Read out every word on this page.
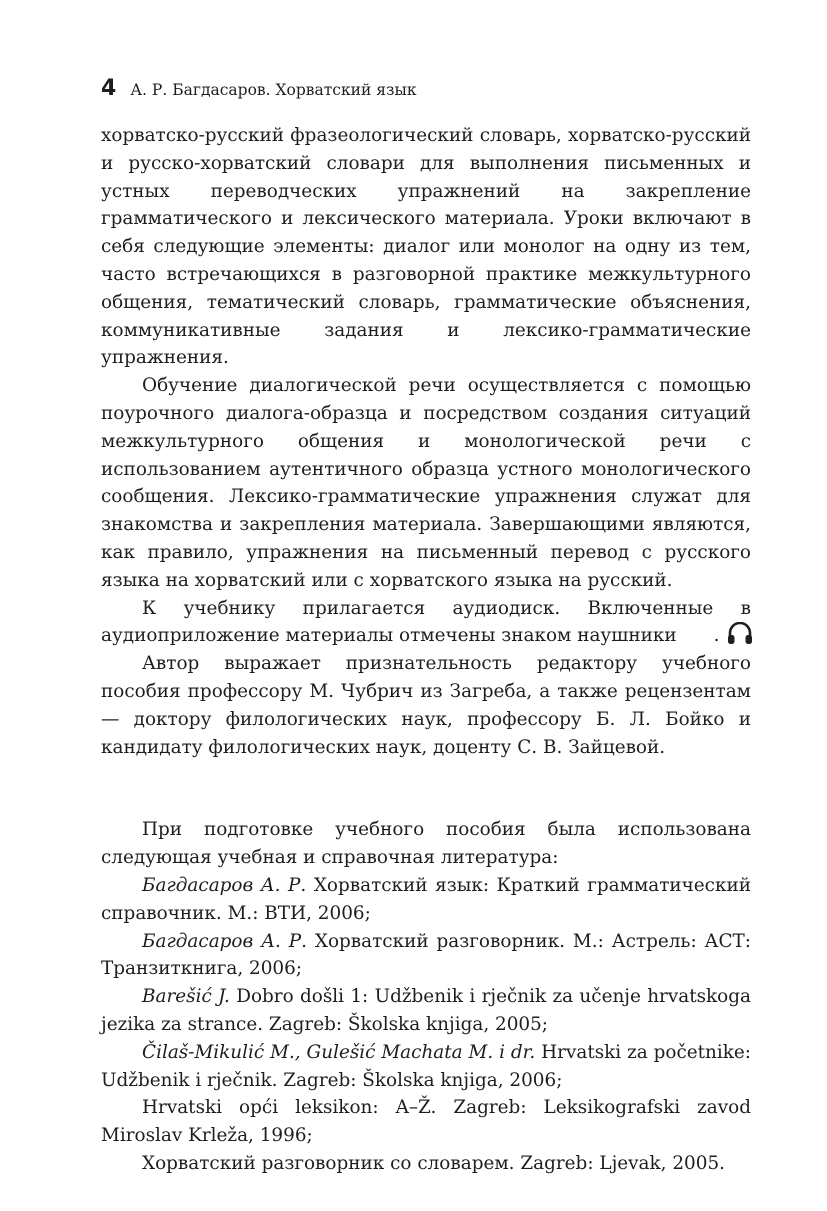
4 А. Р. Багдасаров. Хорватский язык

хорватско-русский фразеологический словарь, хорватско-русский и русско-хорватский словари для выполнения письменных и устных переводческих упражнений на закрепление грамматического и лексического материала. Уроки включают в себя следующие элементы: диалог или монолог на одну из тем, часто встречающихся в разговорной практике межкультурного общения, тематический словарь, грамматические объяснения, коммуникативные задания и лексико-грамматические упражнения.

Обучение диалогической речи осуществляется с помощью поурочного диалога-образца и посредством создания ситуаций межкультурного общения и монологической речи с использованием аутентичного образца устного монологического сообщения. Лексико-грамматические упражнения служат для знакомства и закрепления материала. Завершающими являются, как правило, упражнения на письменный перевод с русского языка на хорватский или с хорватского языка на русский.

К учебнику прилагается аудиодиск. Включенные в аудиоприложение материалы отмечены знаком наушники .

Автор выражает признательность редактору учебного пособия профессору М. Чубрич из Загреба, а также рецензентам — доктору филологических наук, профессору Б. Л. Бойко и кандидату филологических наук, доценту С. В. Зайцевой.

При подготовке учебного пособия была использована следующая учебная и справочная литература:

Багдасаров А. Р. Хорватский язык: Краткий грамматический справочник. М.: ВТИ, 2006;

Багдасаров А. Р. Хорватский разговорник. М.: Астрель: АСТ: Транзиткнига, 2006;

Barešić J. Dobro došli 1: Udžbenik i rječnik za učenje hrvatskoga jezika za strance. Zagreb: Školska knjiga, 2005;

Čilaš-Mikulić M., Gulešić Machata M. i dr. Hrvatski za početnike: Udžbenik i rječnik. Zagreb: Školska knjiga, 2006;

Hrvatski opći leksikon: A–Ž. Zagreb: Leksikografski zavod Miroslav Krleža, 1996;

Хорватский разговорник со словарем. Zagreb: Ljevak, 2005.
